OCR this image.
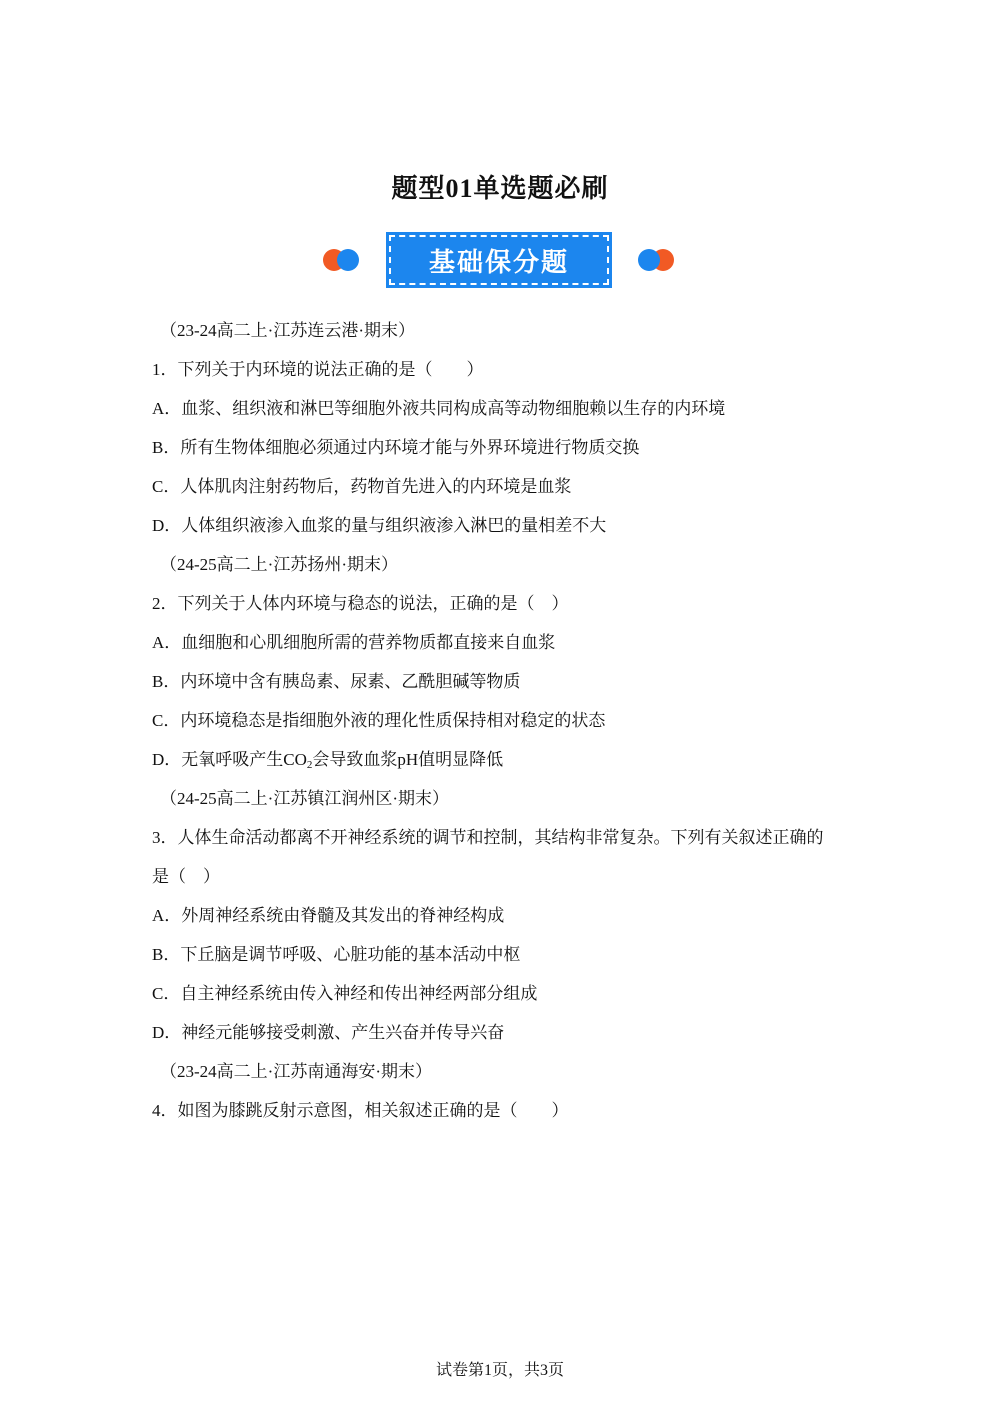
题型01单选题必刷
基础保分题
（23-24高二上·江苏连云港·期末）
1．下列关于内环境的说法正确的是（　　）
A．血浆、组织液和淋巴等细胞外液共同构成高等动物细胞赖以生存的内环境
B．所有生物体细胞必须通过内环境才能与外界环境进行物质交换
C．人体肌肉注射药物后，药物首先进入的内环境是血浆
D．人体组织液渗入血浆的量与组织液渗入淋巴的量相差不大
（24-25高二上·江苏扬州·期末）
2．下列关于人体内环境与稳态的说法，正确的是（　）
A．血细胞和心肌细胞所需的营养物质都直接来自血浆
B．内环境中含有胰岛素、尿素、乙酰胆碱等物质
C．内环境稳态是指细胞外液的理化性质保持相对稳定的状态
D．无氧呼吸产生$CO_2$会导致血浆pH值明显降低
（24-25高二上·江苏镇江润州区·期末）
3．人体生命活动都离不开神经系统的调节和控制，其结构非常复杂。下列有关叙述正确的
是（　）
A．外周神经系统由脊髓及其发出的脊神经构成
B．下丘脑是调节呼吸、心脏功能的基本活动中枢
C．自主神经系统由传入神经和传出神经两部分组成
D．神经元能够接受刺激、产生兴奋并传导兴奋
（23-24高二上·江苏南通海安·期末）
4．如图为膝跳反射示意图，相关叙述正确的是（　　）
试卷第1页，共3页
